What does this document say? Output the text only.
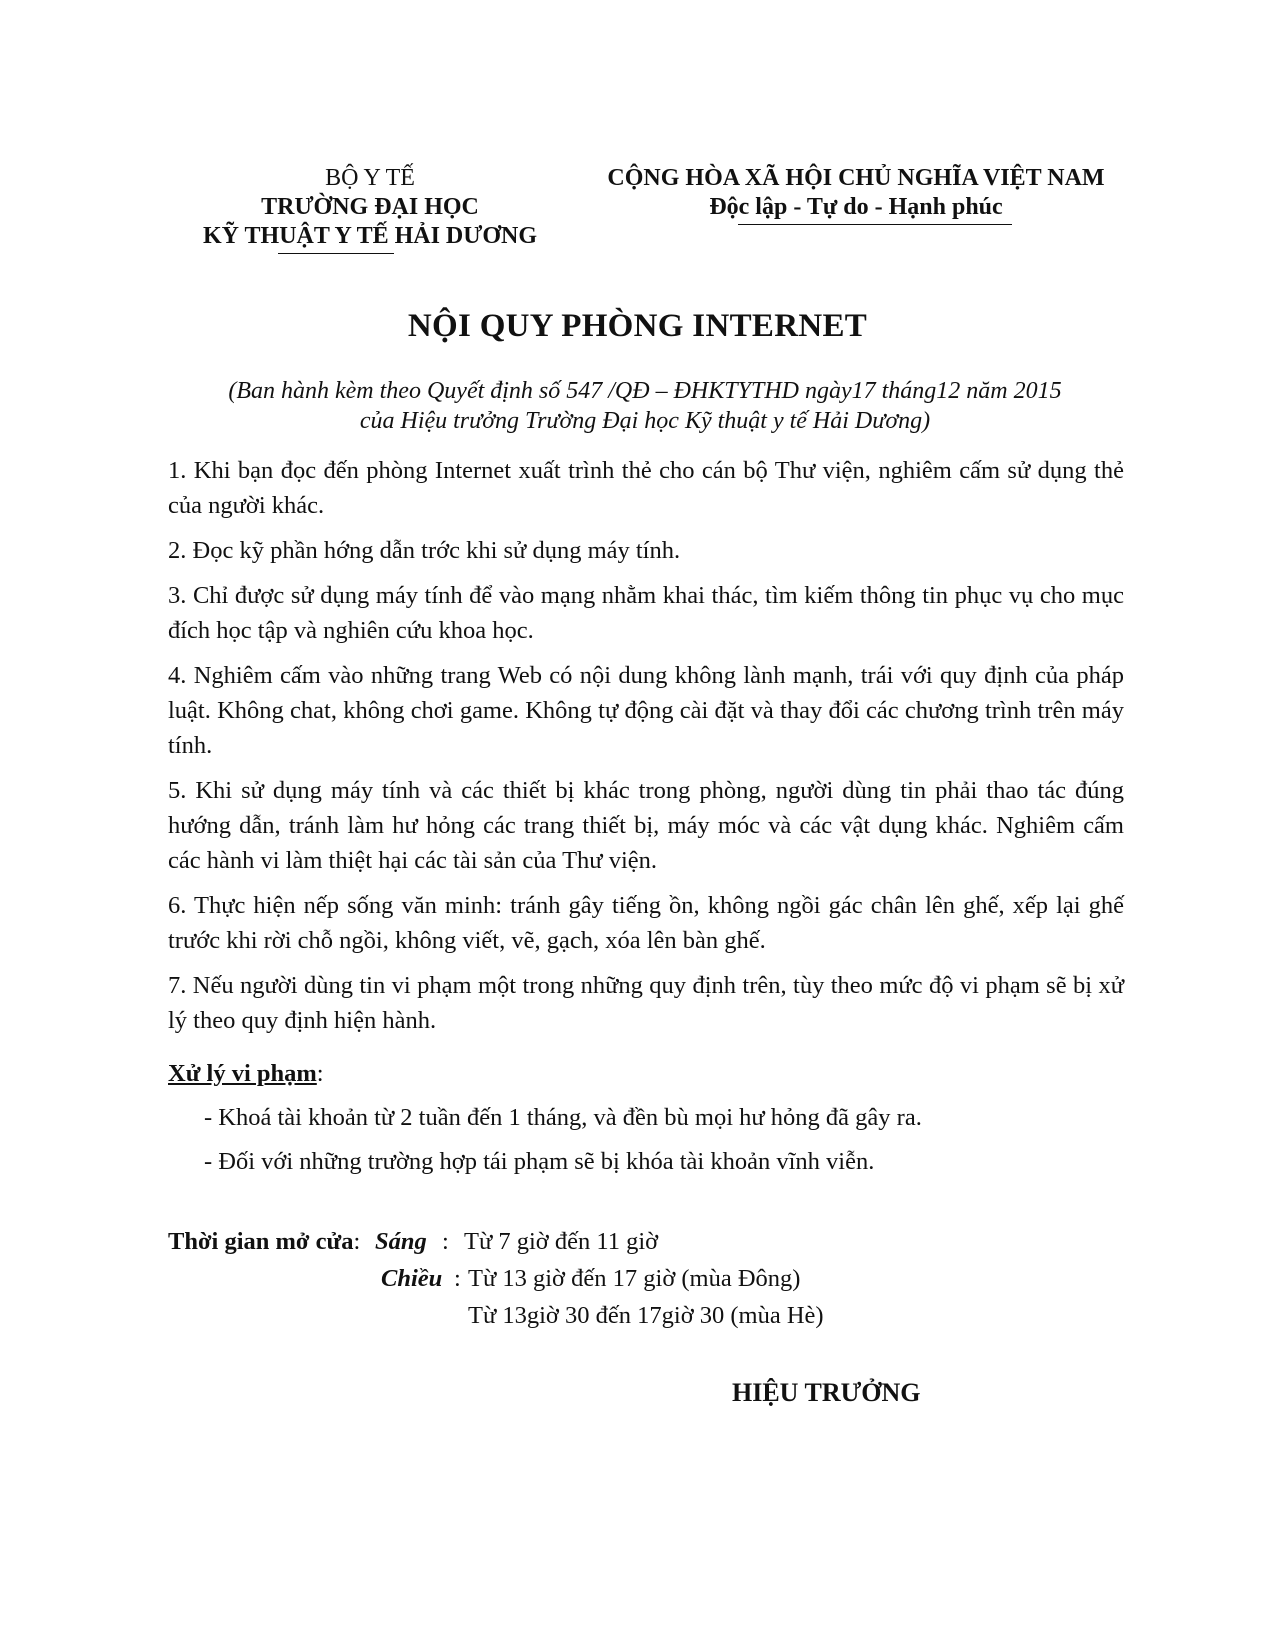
BỘ Y TẾ
TRƯỜNG ĐẠI HỌC
KỸ THUẬT Y TẾ HẢI DƯƠNG
CỘNG HÒA XÃ HỘI CHỦ NGHĨA VIỆT NAM
Độc lập - Tự do - Hạnh phúc
NỘI QUY PHÒNG INTERNET
(Ban hành kèm theo Quyết định số 547 /QĐ – ĐHKTYTHD ngày17 tháng12 năm 2015
của Hiệu trưởng Trường Đại học Kỹ thuật y tế Hải Dương)

1. Khi bạn đọc đến phòng Internet xuất trình thẻ cho cán bộ Thư viện, nghiêm cấm sử dụng thẻ của người khác.

2. Đọc kỹ phần hớng dẫn trớc khi sử dụng máy tính.

3. Chỉ được sử dụng máy tính để vào mạng nhằm khai thác, tìm kiếm thông tin phục vụ cho mục đích học tập và nghiên cứu khoa học.

4. Nghiêm cấm vào những trang Web có nội dung không lành mạnh, trái với quy định của pháp luật. Không chat, không chơi game. Không tự động cài đặt và thay đổi các chương trình trên máy tính.

5. Khi sử dụng máy tính và các thiết bị khác trong phòng, người dùng tin phải thao tác đúng hướng dẫn, tránh làm hư hỏng các trang thiết bị, máy móc và các vật dụng khác. Nghiêm cấm các hành vi làm thiệt hại các tài sản của Thư viện.

6. Thực hiện nếp sống văn minh: tránh gây tiếng ồn, không ngồi gác chân lên ghế, xếp lại ghế trước khi rời chỗ ngồi, không viết, vẽ, gạch, xóa lên bàn ghế.

7. Nếu người dùng tin vi phạm một trong những quy định trên, tùy theo mức độ vi phạm sẽ bị xử lý theo quy định hiện hành.

Xử lý vi phạm:
- Khoá tài khoản từ 2 tuần đến 1 tháng, và đền bù mọi hư hỏng đã gây ra.
- Đối với những trường hợp tái phạm sẽ bị khóa tài khoản vĩnh viễn.
Thời gian mở cửa: Sáng : Từ 7 giờ đến 11 giờ
Chiều : Từ 13 giờ đến 17 giờ (mùa Đông)
Từ 13giờ 30 đến 17giờ 30 (mùa Hè)
HIỆU TRƯỞNG
